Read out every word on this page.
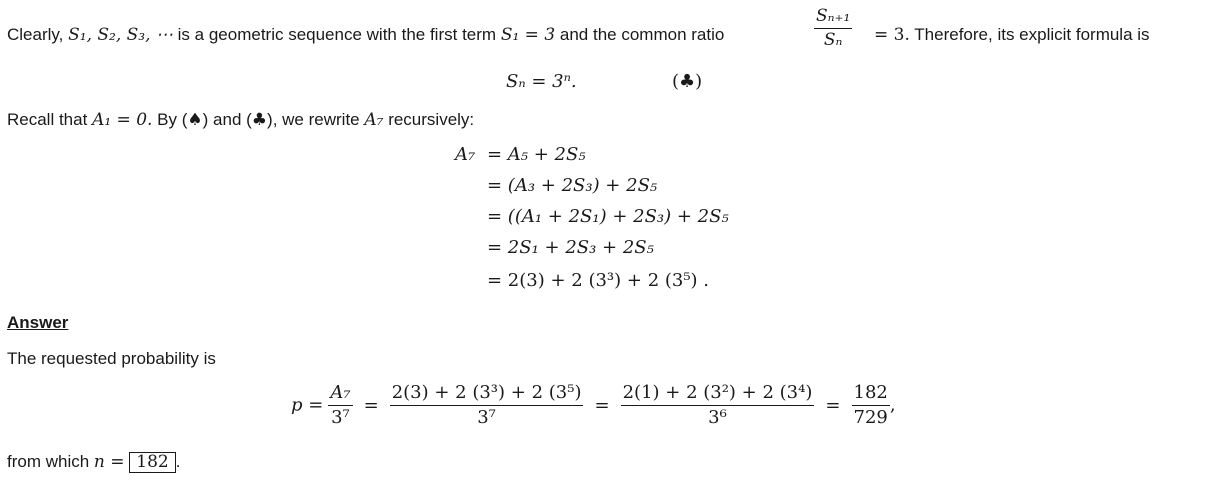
Clearly, S₁, S₂, S₃, ⋯ is a geometric sequence with the first term S₁ = 3 and the common ratio	$\frac{\text{Sₙ₊₁}}{\text{Sₙ}} = 3$. Therefore, its explicit formula is
Sₙ = 3ⁿ.	(♣)
Recall that A₁ = 0. By (♠) and (♣), we rewrite A₇ recursively:
A₇ = A₅ + 2S₅
= (A₃ + 2S₃) + 2S₅
= ((A₁ + 2S₁) + 2S₃) + 2S₅
= 2S₁ + 2S₃ + 2S₅
= 2(3) + 2 (3³) + 2 (3⁵) .
Answer
The requested probability is
$p = \frac{\text{A₇}}{\text{3⁷}} = \frac{\text{2(3) + 2 (3³) + 2 (3⁵)}}{\text{3⁷}} = \frac{\text{2(1) + 2 (3²) + 2 (3⁴)}}{\text{3⁶}} = \frac{182}{729}$ ,
from which n = 182 .
